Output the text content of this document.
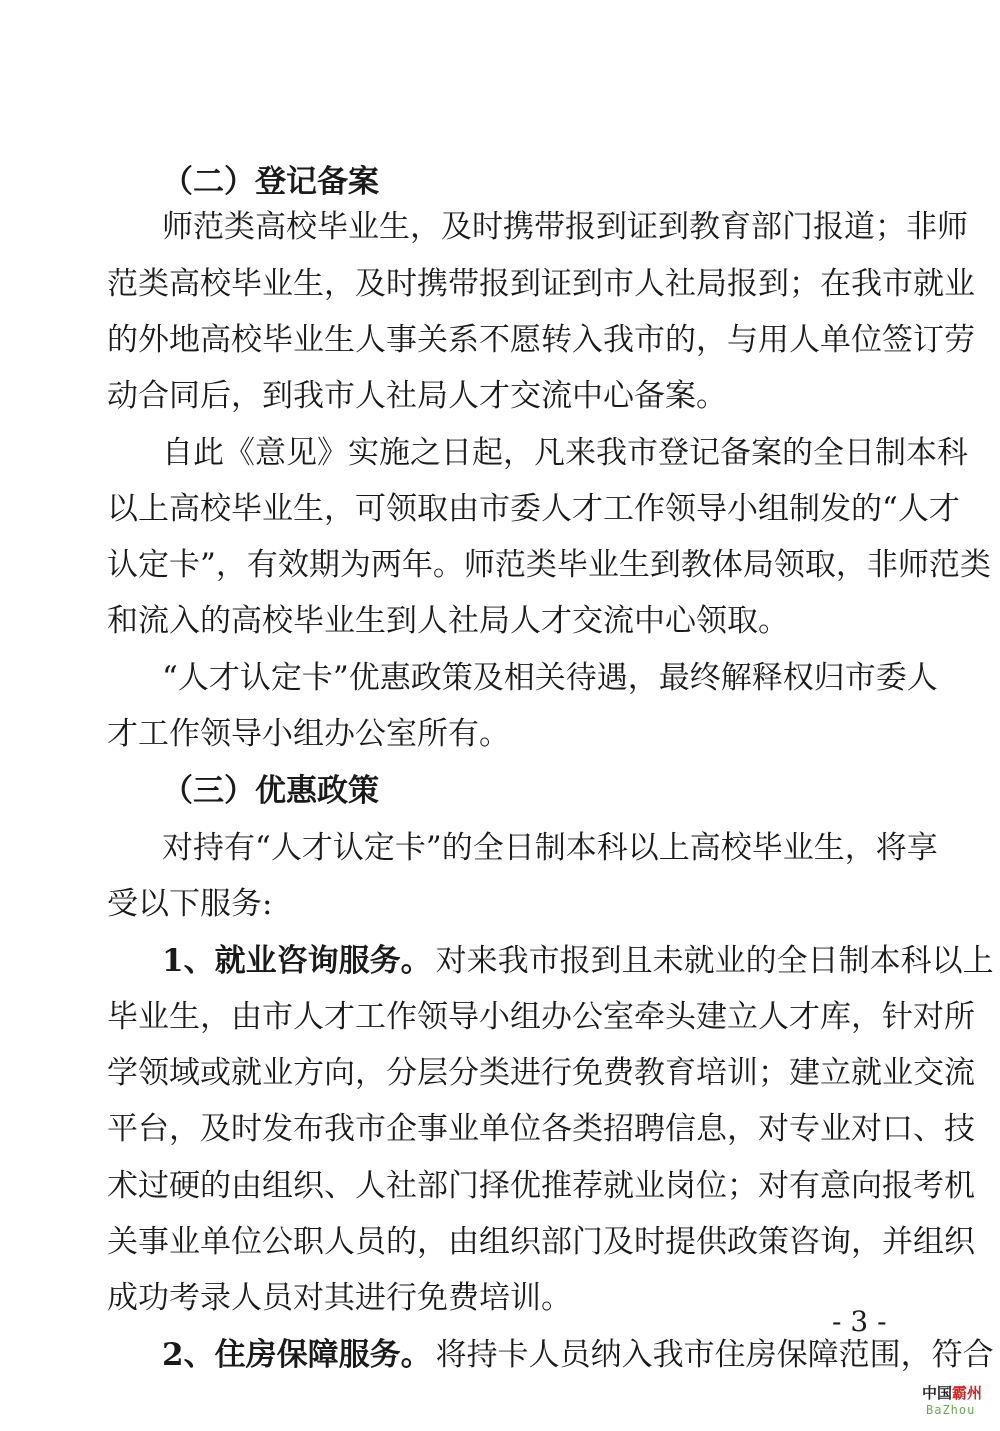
（二）登记备案
师范类高校毕业生，及时携带报到证到教育部门报道；非师
范类高校毕业生，及时携带报到证到市人社局报到；在我市就业
的外地高校毕业生人事关系不愿转入我市的，与用人单位签订劳
动合同后，到我市人社局人才交流中心备案。
自此《意见》实施之日起，凡来我市登记备案的全日制本科
以上高校毕业生，可领取由市委人才工作领导小组制发的“人才
认定卡”，有效期为两年。师范类毕业生到教体局领取，非师范类
和流入的高校毕业生到人社局人才交流中心领取。
“人才认定卡”优惠政策及相关待遇，最终解释权归市委人
才工作领导小组办公室所有。
（三）优惠政策
对持有“人才认定卡”的全日制本科以上高校毕业生，将享
受以下服务:
1、就业咨询服务。 对来我市报到且未就业的全日制本科以上
毕业生，由市人才工作领导小组办公室牵头建立人才库，针对所
学领域或就业方向，分层分类进行免费教育培训；建立就业交流
平台，及时发布我市企事业单位各类招聘信息，对专业对口、技
术过硬的由组织、人社部门择优推荐就业岗位；对有意向报考机
关事业单位公职人员的，由组织部门及时提供政策咨询，并组织
成功考录人员对其进行免费培训。
2、住房保障服务。 将持卡人员纳入我市住房保障范围，符合
- 3 -
中国霸州
BaZhou
